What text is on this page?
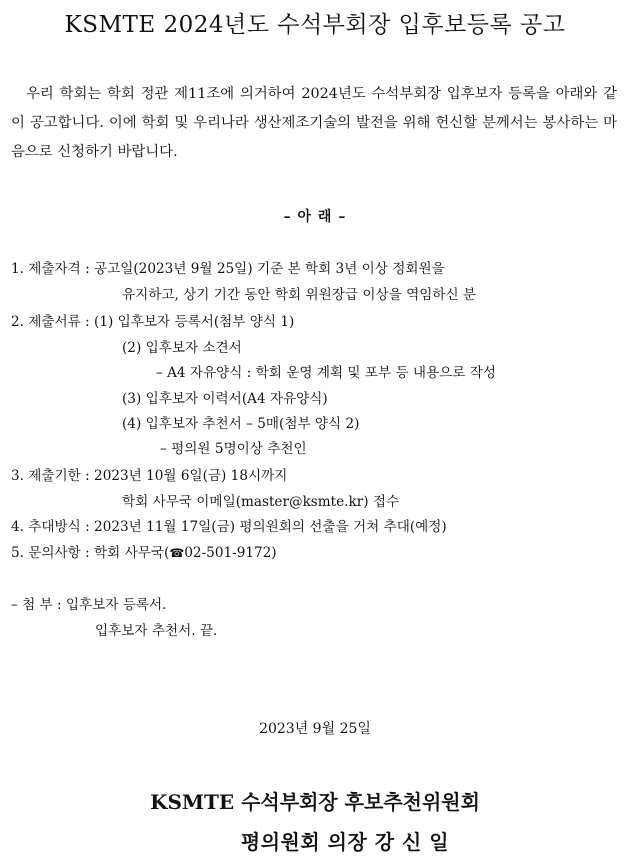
KSMTE 2024년도 수석부회장 입후보등록 공고
우리 학회는 학회 정관 제11조에 의거하여 2024년도 수석부회장 입후보자 등록을 아래와 같이 공고합니다. 이에 학회 및 우리나라 생산제조기술의 발전을 위해 헌신할 분께서는 봉사하는 마음으로 신청하기 바랍니다.
– 아 래 –
1. 제출자격 : 공고일(2023년 9월 25일) 기준 본 학회 3년 이상 정회원을
유지하고, 상기 기간 동안 학회 위원장급 이상을 역임하신 분
2. 제출서류 : (1) 입후보자 등록서(첨부 양식 1)
(2) 입후보자 소견서
– A4 자유양식 : 학회 운영 계획 및 포부 등 내용으로 작성
(3) 입후보자 이력서(A4 자유양식)
(4) 입후보자 추천서 – 5매(첨부 양식 2)
– 평의원 5명이상 추천인
3. 제출기한 : 2023년 10월 6일(금) 18시까지
학회 사무국 이메일(master@ksmte.kr) 접수
4. 추대방식 : 2023년 11월 17일(금) 평의원회의 선출을 거쳐 추대(예정)
5. 문의사항 : 학회 사무국(☎02-501-9172)
– 첨 부 : 입후보자 등록서.
입후보자 추천서. 끝.
2023년 9월 25일
KSMTE 수석부회장 후보추천위원회
평의원회 의장 강 신 일
